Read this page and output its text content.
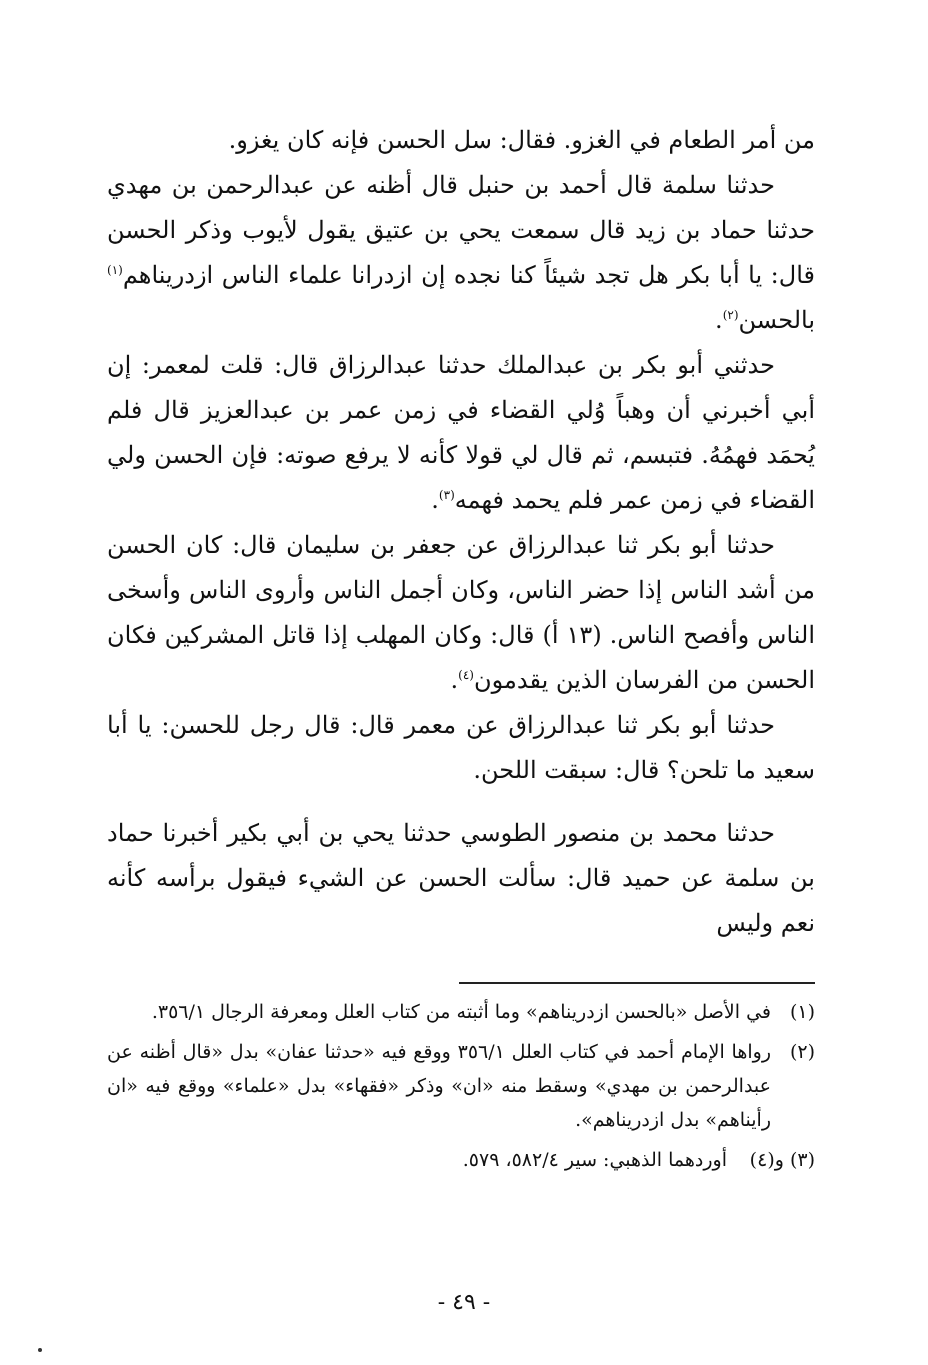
من أمر الطعام في الغزو. فقال: سل الحسن فإنه كان يغزو.

حدثنا سلمة قال أحمد بن حنبل قال أظنه عن عبدالرحمن بن مهدي حدثنا حماد بن زيد قال سمعت يحي بن عتيق يقول لأيوب وذكر الحسن قال: يا أبا بكر هل تجد شيئاً كنا نجده إن ازدرانا علماء الناس ازدريناهم$^{(١)}$ بالحسن$^{(٢)}$.

حدثني أبو بكر بن عبدالملك حدثنا عبدالرزاق قال: قلت لمعمر: إن أبي أخبرني أن وهباً وُلي القضاء في زمن عمر بن عبدالعزيز قال فلم يُحمَد فهمُهُ. فتبسم، ثم قال لي قولا كأنه لا يرفع صوته: فإن الحسن ولي القضاء في زمن عمر فلم يحمد فهمه$^{(٣)}$.

حدثنا أبو بكر ثنا عبدالرزاق عن جعفر بن سليمان قال: كان الحسن من أشد الناس إذا حضر الناس، وكان أجمل الناس وأروى الناس وأسخى الناس وأفصح الناس. (١٣ أ) قال: وكان المهلب إذا قاتل المشركين فكان الحسن من الفرسان الذين يقدمون$^{(٤)}$.

حدثنا أبو بكر ثنا عبدالرزاق عن معمر قال: قال رجل للحسن: يا أبا سعيد ما تلحن؟ قال: سبقت اللحن.

حدثنا محمد بن منصور الطوسي حدثنا يحي بن أبي بكير أخبرنا حماد بن سلمة عن حميد قال: سألت الحسن عن الشيء فيقول برأسه كأنه نعم وليس

(١)
في الأصل «بالحسن ازدريناهم» وما أثبته من كتاب العلل ومعرفة الرجال ٣٥٦/١.

(٢)
رواها الإمام أحمد في كتاب العلل ٣٥٦/١ ووقع فيه «حدثنا عفان» بدل «قال أظنه عن عبدالرحمن بن مهدي» وسقط منه «ان» وذكر «فقهاء» بدل «علماء» ووقع فيه «ان رأيناهم» بدل ازدريناهم».

(٣) و(٤)
أوردهما الذهبي: سير ٥٨٢/٤، ٥٧٩.

- ٤٩ -
